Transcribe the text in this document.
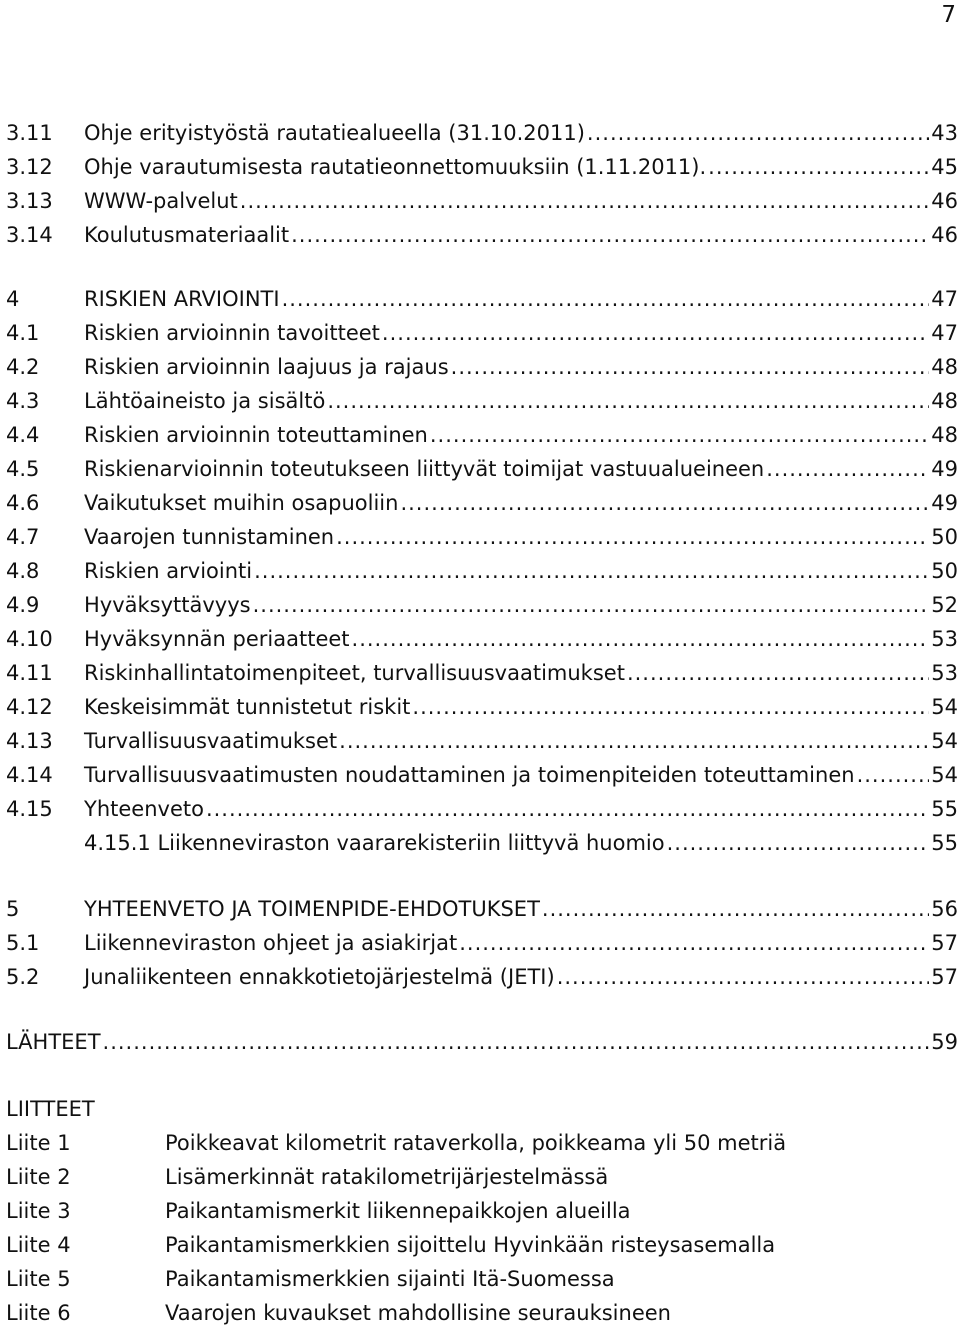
7
3.11	Ohje erityistyöstä rautatiealueella (31.10.2011) .....	43
3.12	Ohje varautumisesta rautatieonnettomuuksiin (1.11.2011). .....	45
3.13	WWW-palvelut .....	46
3.14	Koulutusmateriaalit .....	46
4	RISKIEN ARVIOINTI .....	47
4.1	Riskien arvioinnin tavoitteet .....	47
4.2	Riskien arvioinnin laajuus ja rajaus .....	48
4.3	Lähtöaineisto ja sisältö .....	48
4.4	Riskien arvioinnin toteuttaminen .....	48
4.5	Riskienarvioinnin toteutukseen liittyvät toimijat vastuualueineen .....	49
4.6	Vaikutukset muihin osapuoliin .....	49
4.7	Vaarojen tunnistaminen .....	50
4.8	Riskien arviointi .....	50
4.9	Hyväksyttävyys .....	52
4.10	Hyväksynnän periaatteet .....	53
4.11	Riskinhallintatoimenpiteet, turvallisuusvaatimukset .....	53
4.12	Keskeisimmät tunnistetut riskit .....	54
4.13	Turvallisuusvaatimukset .....	54
4.14	Turvallisuusvaatimusten noudattaminen ja toimenpiteiden toteuttaminen .....	54
4.15	Yhteenveto .....	55
4.15.1 Liikenneviraston vaararekisteriin liittyvä huomio .....	55
5	YHTEENVETO JA TOIMENPIDE-EHDOTUKSET .....	56
5.1	Liikenneviraston ohjeet ja asiakirjat .....	57
5.2	Junaliikenteen ennakkotietojärjestelmä (JETI) .....	57
LÄHTEET .....	59
LIITTEET
Liite 1	Poikkeavat kilometrit rataverkolla, poikkeama yli 50 metriä
Liite 2	Lisämerkinnät ratakilometrijärjestelmässä
Liite 3	Paikantamismerkit liikennepaikkojen alueilla
Liite 4	Paikantamismerkkien sijoittelu Hyvinkään risteysasemalla
Liite 5	Paikantamismerkkien sijainti Itä-Suomessa
Liite 6	Vaarojen kuvaukset mahdollisine seurauksineen
